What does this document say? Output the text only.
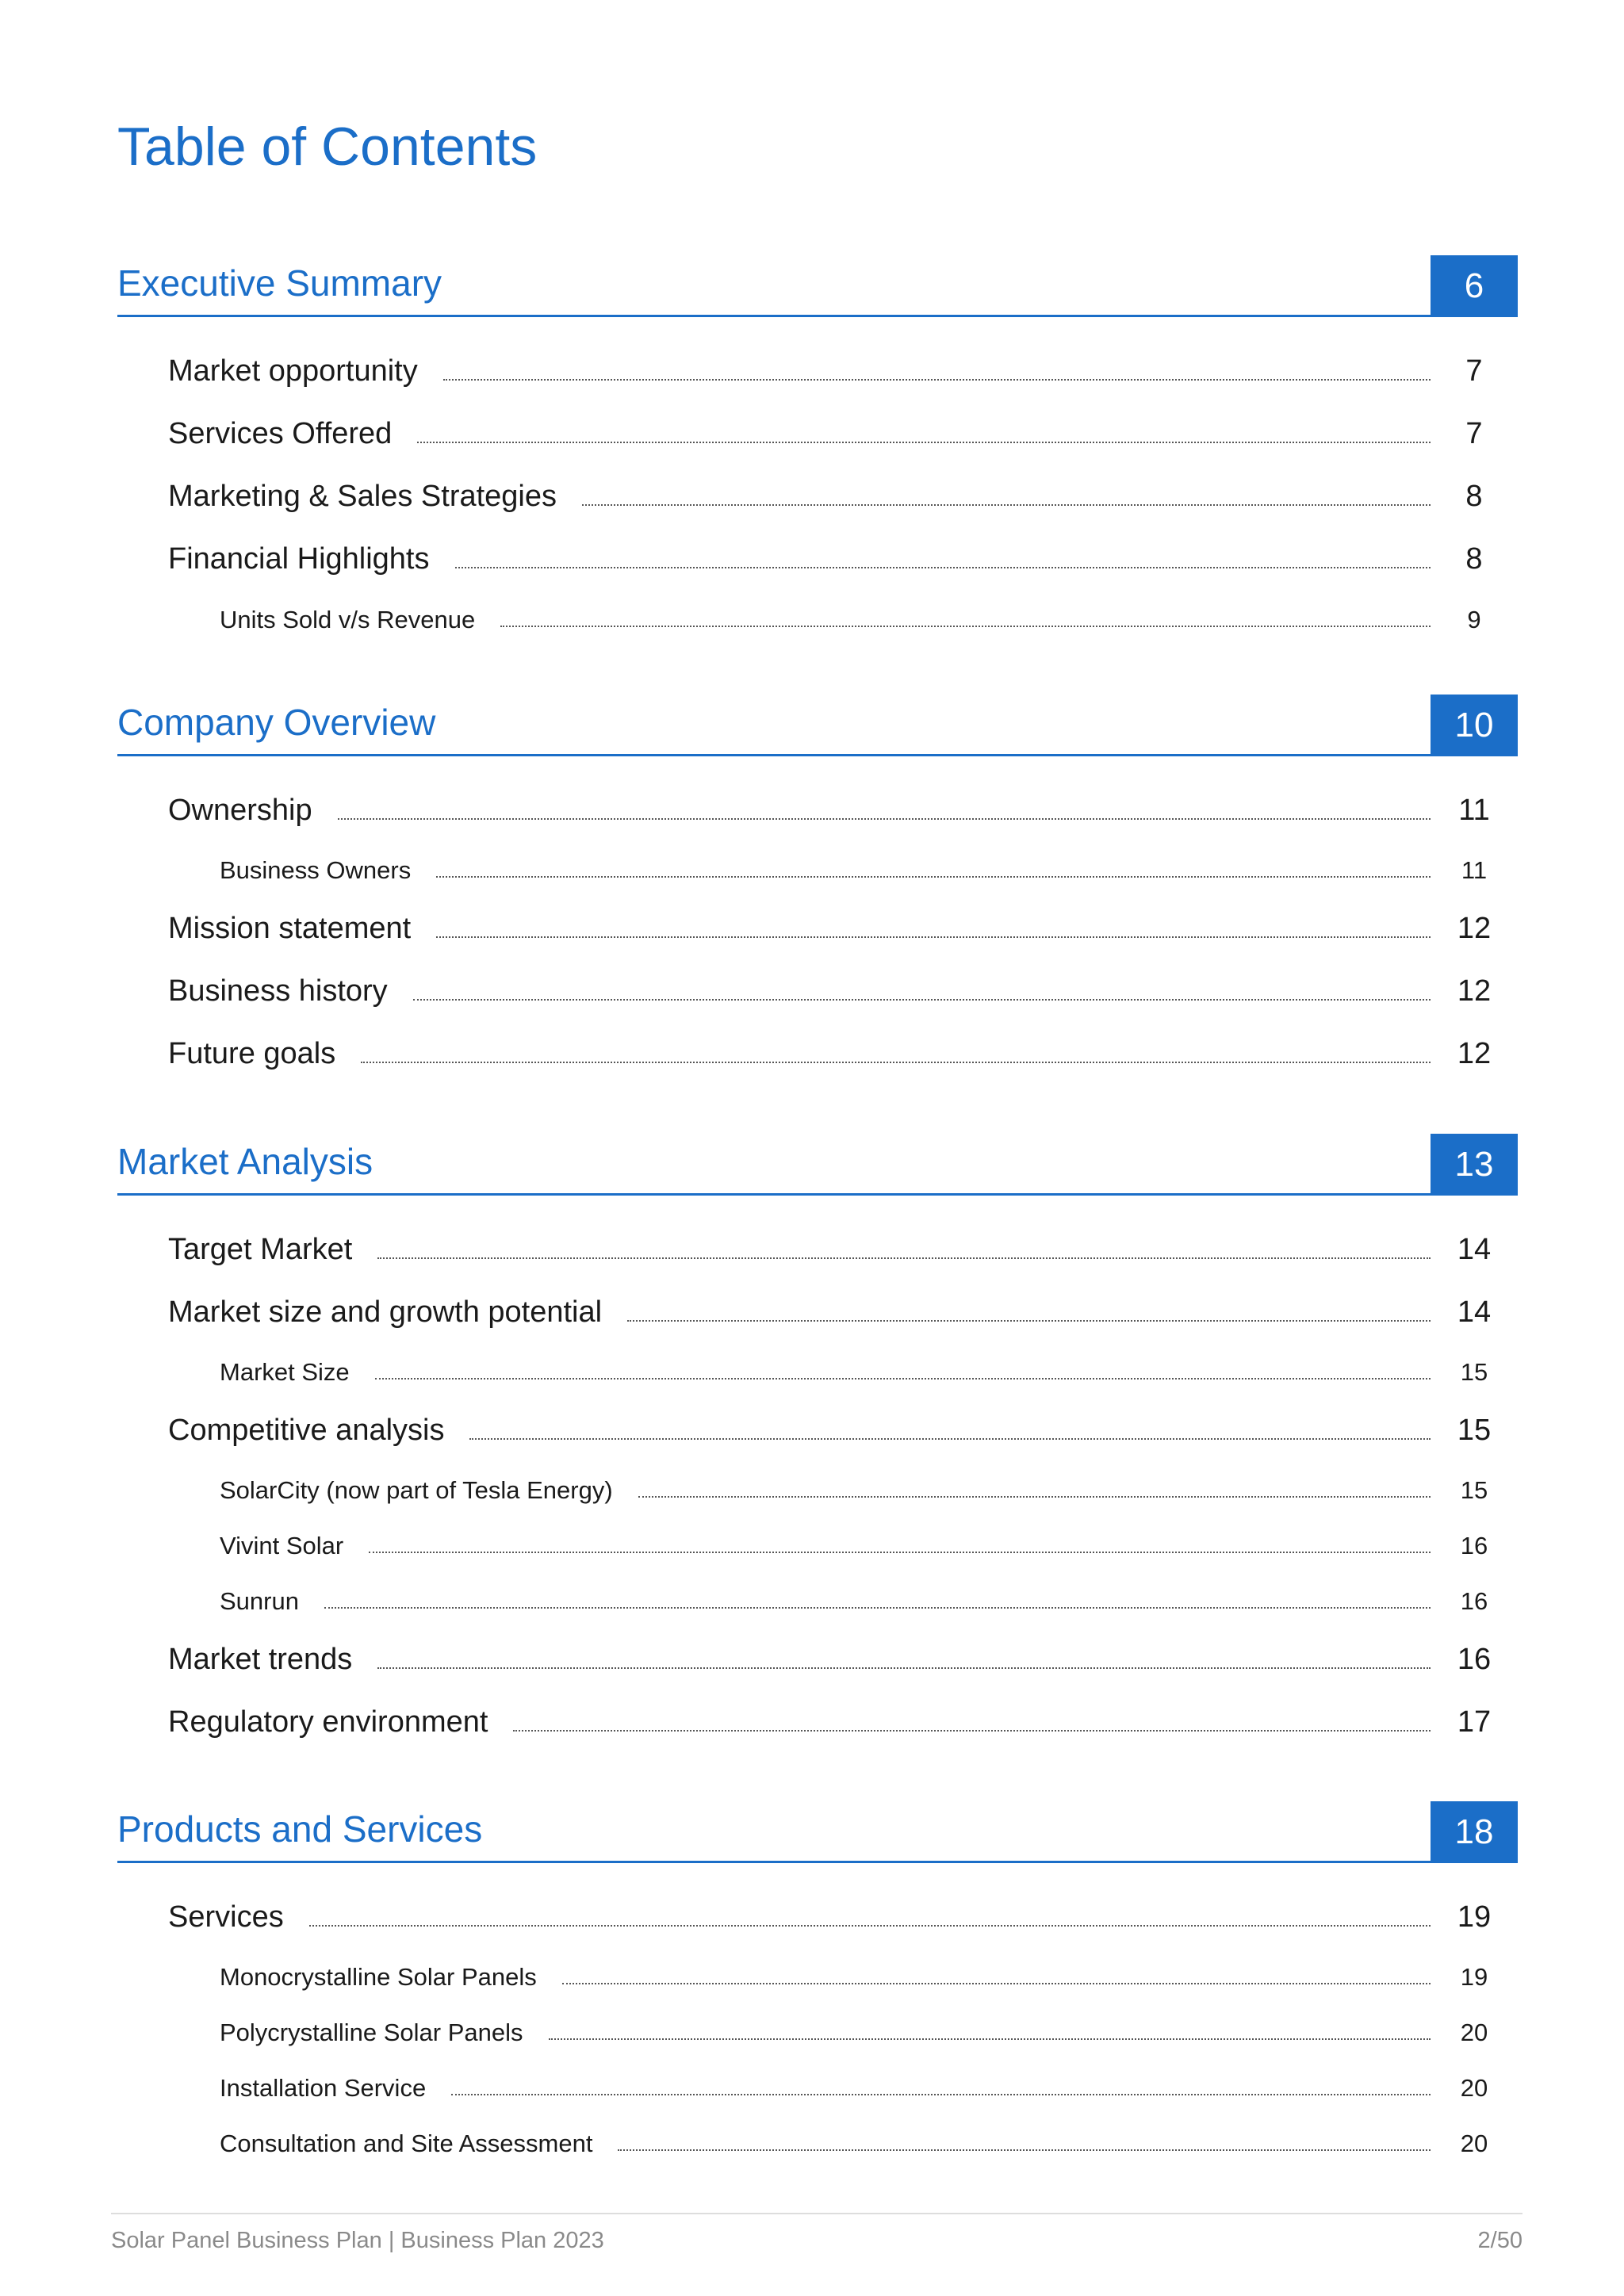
Table of Contents
Executive Summary	6
Market opportunity	7
Services Offered	7
Marketing & Sales Strategies	8
Financial Highlights	8
Units Sold v/s Revenue	9
Company Overview	10
Ownership	11
Business Owners	11
Mission statement	12
Business history	12
Future goals	12
Market Analysis	13
Target Market	14
Market size and growth potential	14
Market Size	15
Competitive analysis	15
SolarCity (now part of Tesla Energy)	15
Vivint Solar	16
Sunrun	16
Market trends	16
Regulatory environment	17
Products and Services	18
Services	19
Monocrystalline Solar Panels	19
Polycrystalline Solar Panels	20
Installation Service	20
Consultation and Site Assessment	20
Solar Panel Business Plan | Business Plan 2023	2/50
